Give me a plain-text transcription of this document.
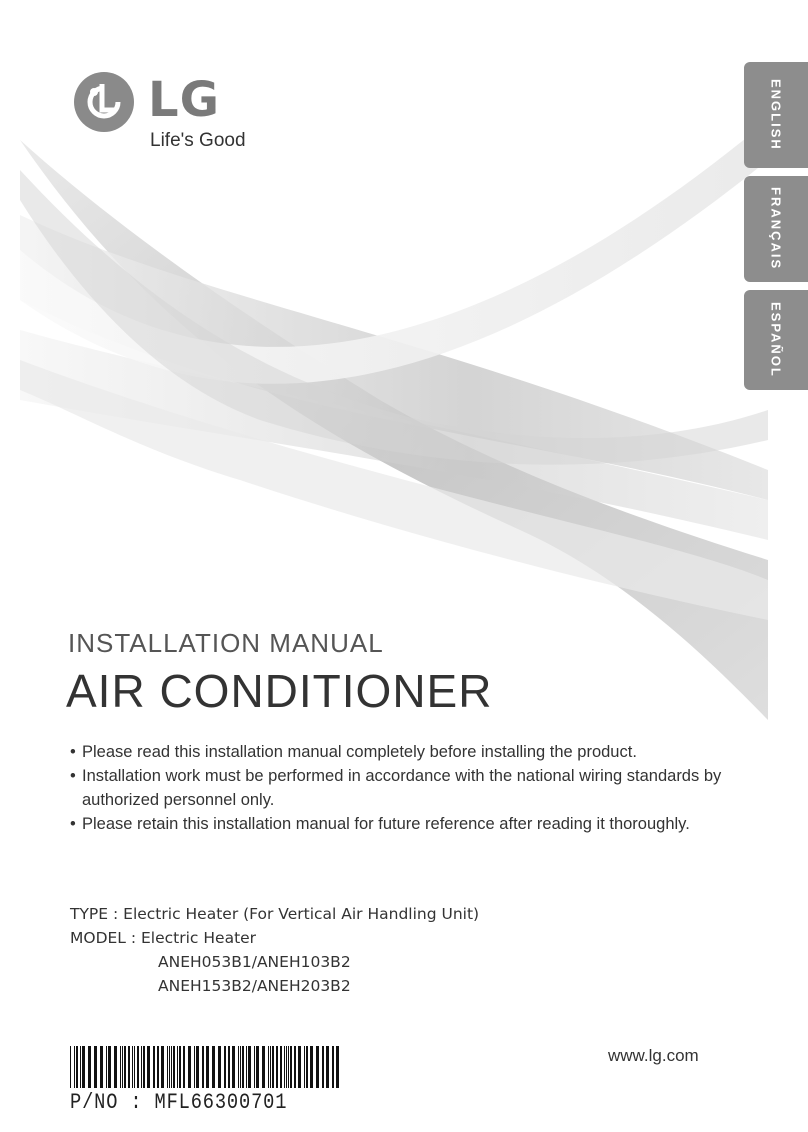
LG
Life's Good	ENGLISH
FRANÇAIS
ESPAÑOL
INSTALLATION MANUAL
AIR CONDITIONER
• Please read this installation manual completely before installing the product.
• Installation work must be performed in accordance with the national wiring standards by authorized personnel only.
• Please retain this installation manual for future reference after reading it thoroughly.
TYPE : Electric Heater (For Vertical Air Handling Unit)
MODEL : Electric Heater
ANEH053B1/ANEH103B2
ANEH153B2/ANEH203B2
P/NO : MFL66300701
www.lg.com
